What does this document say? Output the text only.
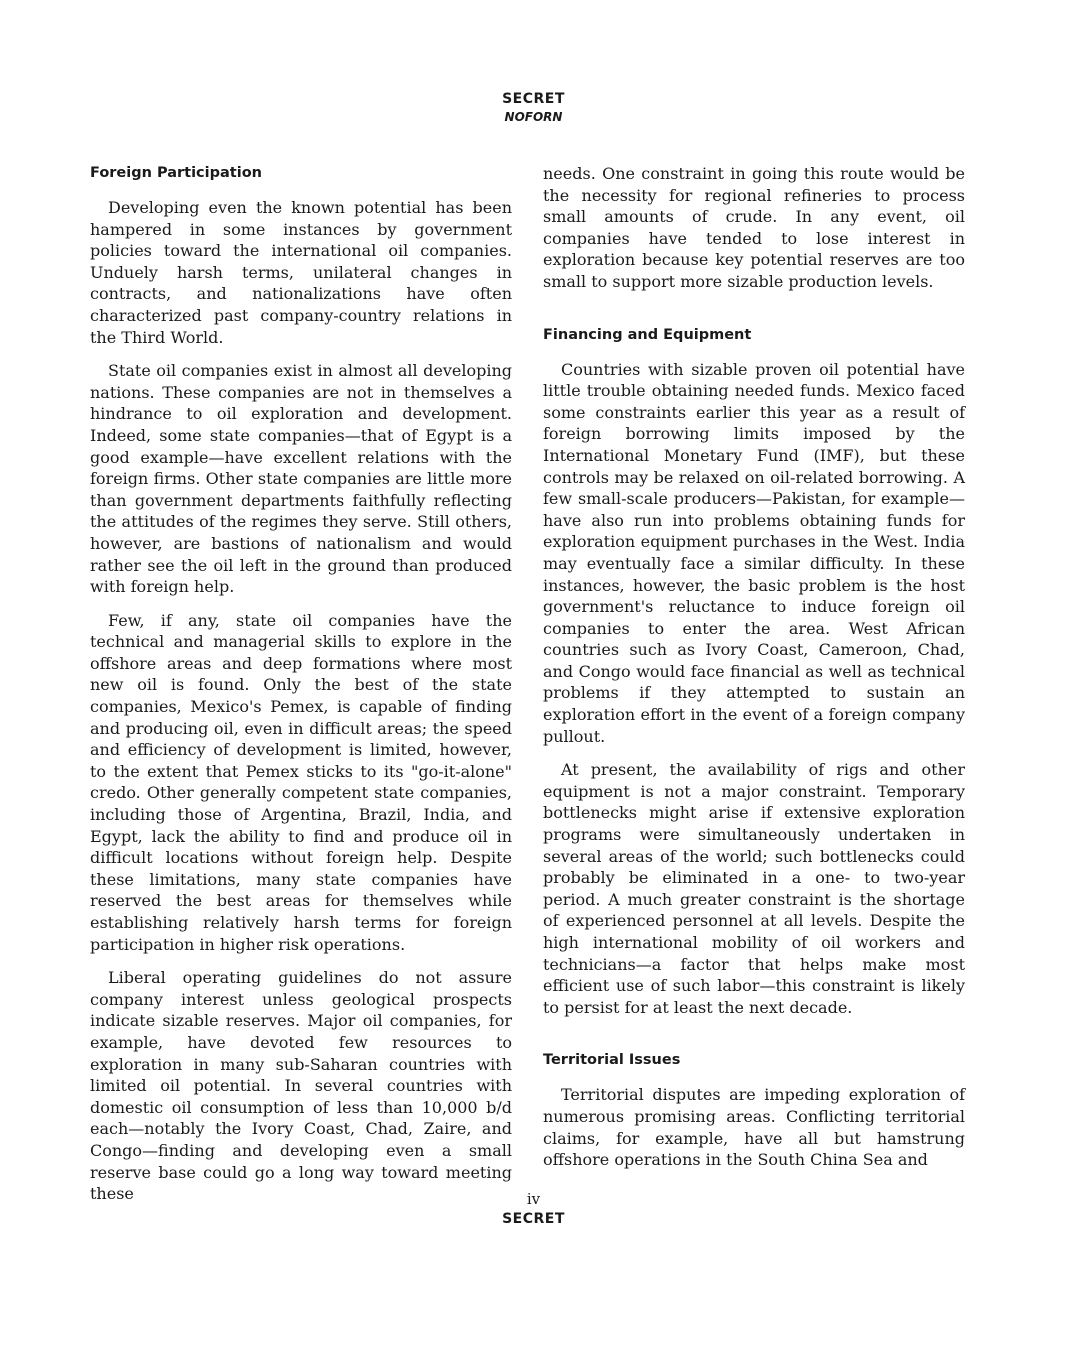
SECRET
NOFORN
Foreign Participation

Developing even the known potential has been hampered in some instances by government policies toward the international oil companies. Unduely harsh terms, unilateral changes in contracts, and nationalizations have often characterized past company-country relations in the Third World.

State oil companies exist in almost all developing nations. These companies are not in themselves a hindrance to oil exploration and development. Indeed, some state companies—that of Egypt is a good example—have excellent relations with the foreign firms. Other state companies are little more than government departments faithfully reflecting the attitudes of the regimes they serve. Still others, however, are bastions of nationalism and would rather see the oil left in the ground than produced with foreign help.

Few, if any, state oil companies have the technical and managerial skills to explore in the offshore areas and deep formations where most new oil is found. Only the best of the state companies, Mexico's Pemex, is capable of finding and producing oil, even in difficult areas; the speed and efficiency of development is limited, however, to the extent that Pemex sticks to its "go-it-alone" credo. Other generally competent state companies, including those of Argentina, Brazil, India, and Egypt, lack the ability to find and produce oil in difficult locations without foreign help. Despite these limitations, many state companies have reserved the best areas for themselves while establishing relatively harsh terms for foreign participation in higher risk operations.

Liberal operating guidelines do not assure company interest unless geological prospects indicate sizable reserves. Major oil companies, for example, have devoted few resources to exploration in many sub-Saharan countries with limited oil potential. In several countries with domestic oil consumption of less than 10,000 b/d each—notably the Ivory Coast, Chad, Zaire, and Congo—finding and developing even a small reserve base could go a long way toward meeting these

needs. One constraint in going this route would be the necessity for regional refineries to process small amounts of crude. In any event, oil companies have tended to lose interest in exploration because key potential reserves are too small to support more sizable production levels.

Financing and Equipment

Countries with sizable proven oil potential have little trouble obtaining needed funds. Mexico faced some constraints earlier this year as a result of foreign borrowing limits imposed by the International Monetary Fund (IMF), but these controls may be relaxed on oil-related borrowing. A few small-scale producers—Pakistan, for example—have also run into problems obtaining funds for exploration equipment purchases in the West. India may eventually face a similar difficulty. In these instances, however, the basic problem is the host government's reluctance to induce foreign oil companies to enter the area. West African countries such as Ivory Coast, Cameroon, Chad, and Congo would face financial as well as technical problems if they attempted to sustain an exploration effort in the event of a foreign company pullout.

At present, the availability of rigs and other equipment is not a major constraint. Temporary bottlenecks might arise if extensive exploration programs were simultaneously undertaken in several areas of the world; such bottlenecks could probably be eliminated in a one- to two-year period. A much greater constraint is the shortage of experienced personnel at all levels. Despite the high international mobility of oil workers and technicians—a factor that helps make most efficient use of such labor—this constraint is likely to persist for at least the next decade.

Territorial Issues

Territorial disputes are impeding exploration of numerous promising areas. Conflicting territorial claims, for example, have all but hamstrung offshore operations in the South China Sea and

iv
SECRET
